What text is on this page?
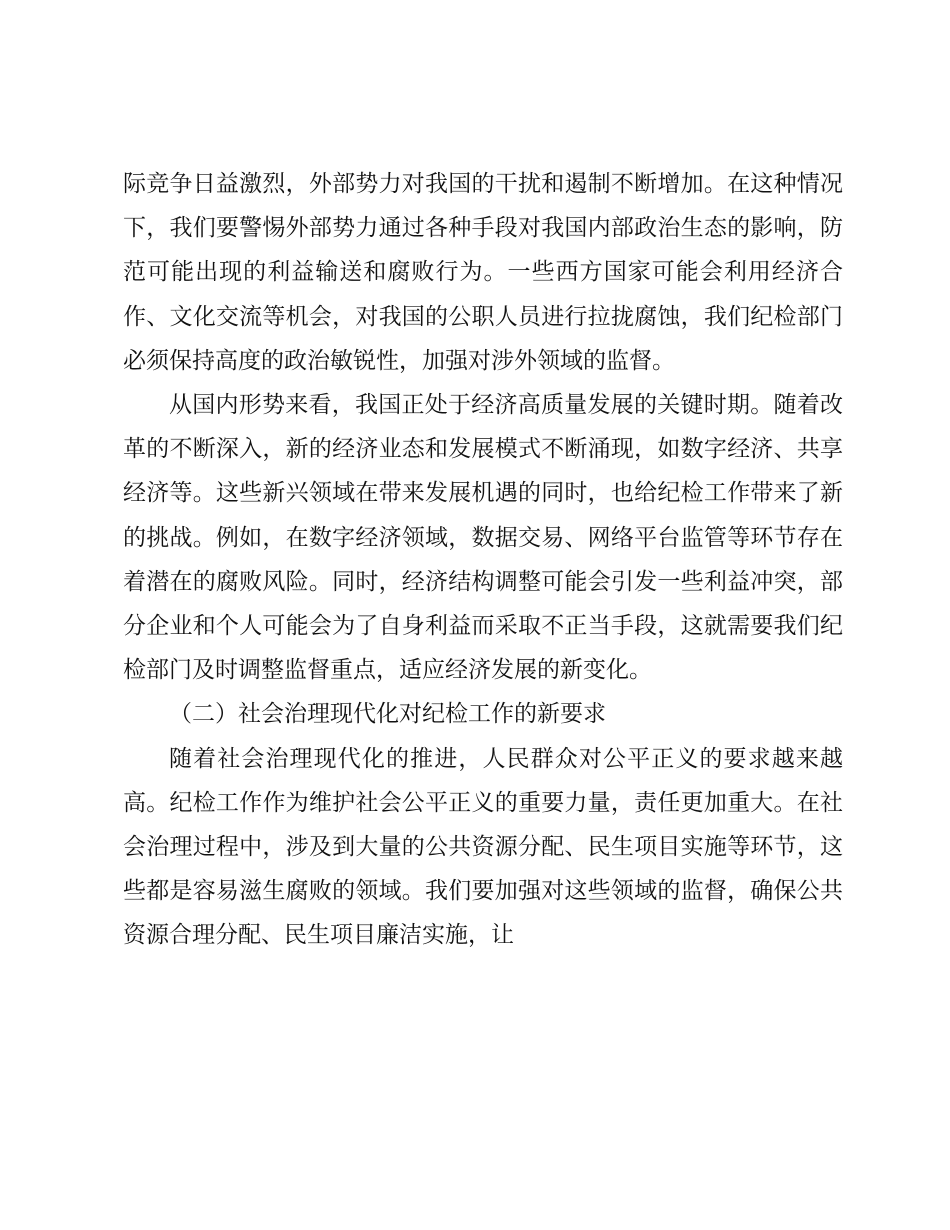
际竞争日益激烈，外部势力对我国的干扰和遏制不断增加。在这种情况下，我们要警惕外部势力通过各种手段对我国内部政治生态的影响，防范可能出现的利益输送和腐败行为。一些西方国家可能会利用经济合作、文化交流等机会，对我国的公职人员进行拉拢腐蚀，我们纪检部门必须保持高度的政治敏锐性，加强对涉外领域的监督。

从国内形势来看，我国正处于经济高质量发展的关键时期。随着改革的不断深入，新的经济业态和发展模式不断涌现，如数字经济、共享经济等。这些新兴领域在带来发展机遇的同时，也给纪检工作带来了新的挑战。例如，在数字经济领域，数据交易、网络平台监管等环节存在着潜在的腐败风险。同时，经济结构调整可能会引发一些利益冲突，部分企业和个人可能会为了自身利益而采取不正当手段，这就需要我们纪检部门及时调整监督重点，适应经济发展的新变化。

（二）社会治理现代化对纪检工作的新要求

随着社会治理现代化的推进，人民群众对公平正义的要求越来越高。纪检工作作为维护社会公平正义的重要力量，责任更加重大。在社会治理过程中，涉及到大量的公共资源分配、民生项目实施等环节，这些都是容易滋生腐败的领域。我们要加强对这些领域的监督，确保公共资源合理分配、民生项目廉洁实施，让
